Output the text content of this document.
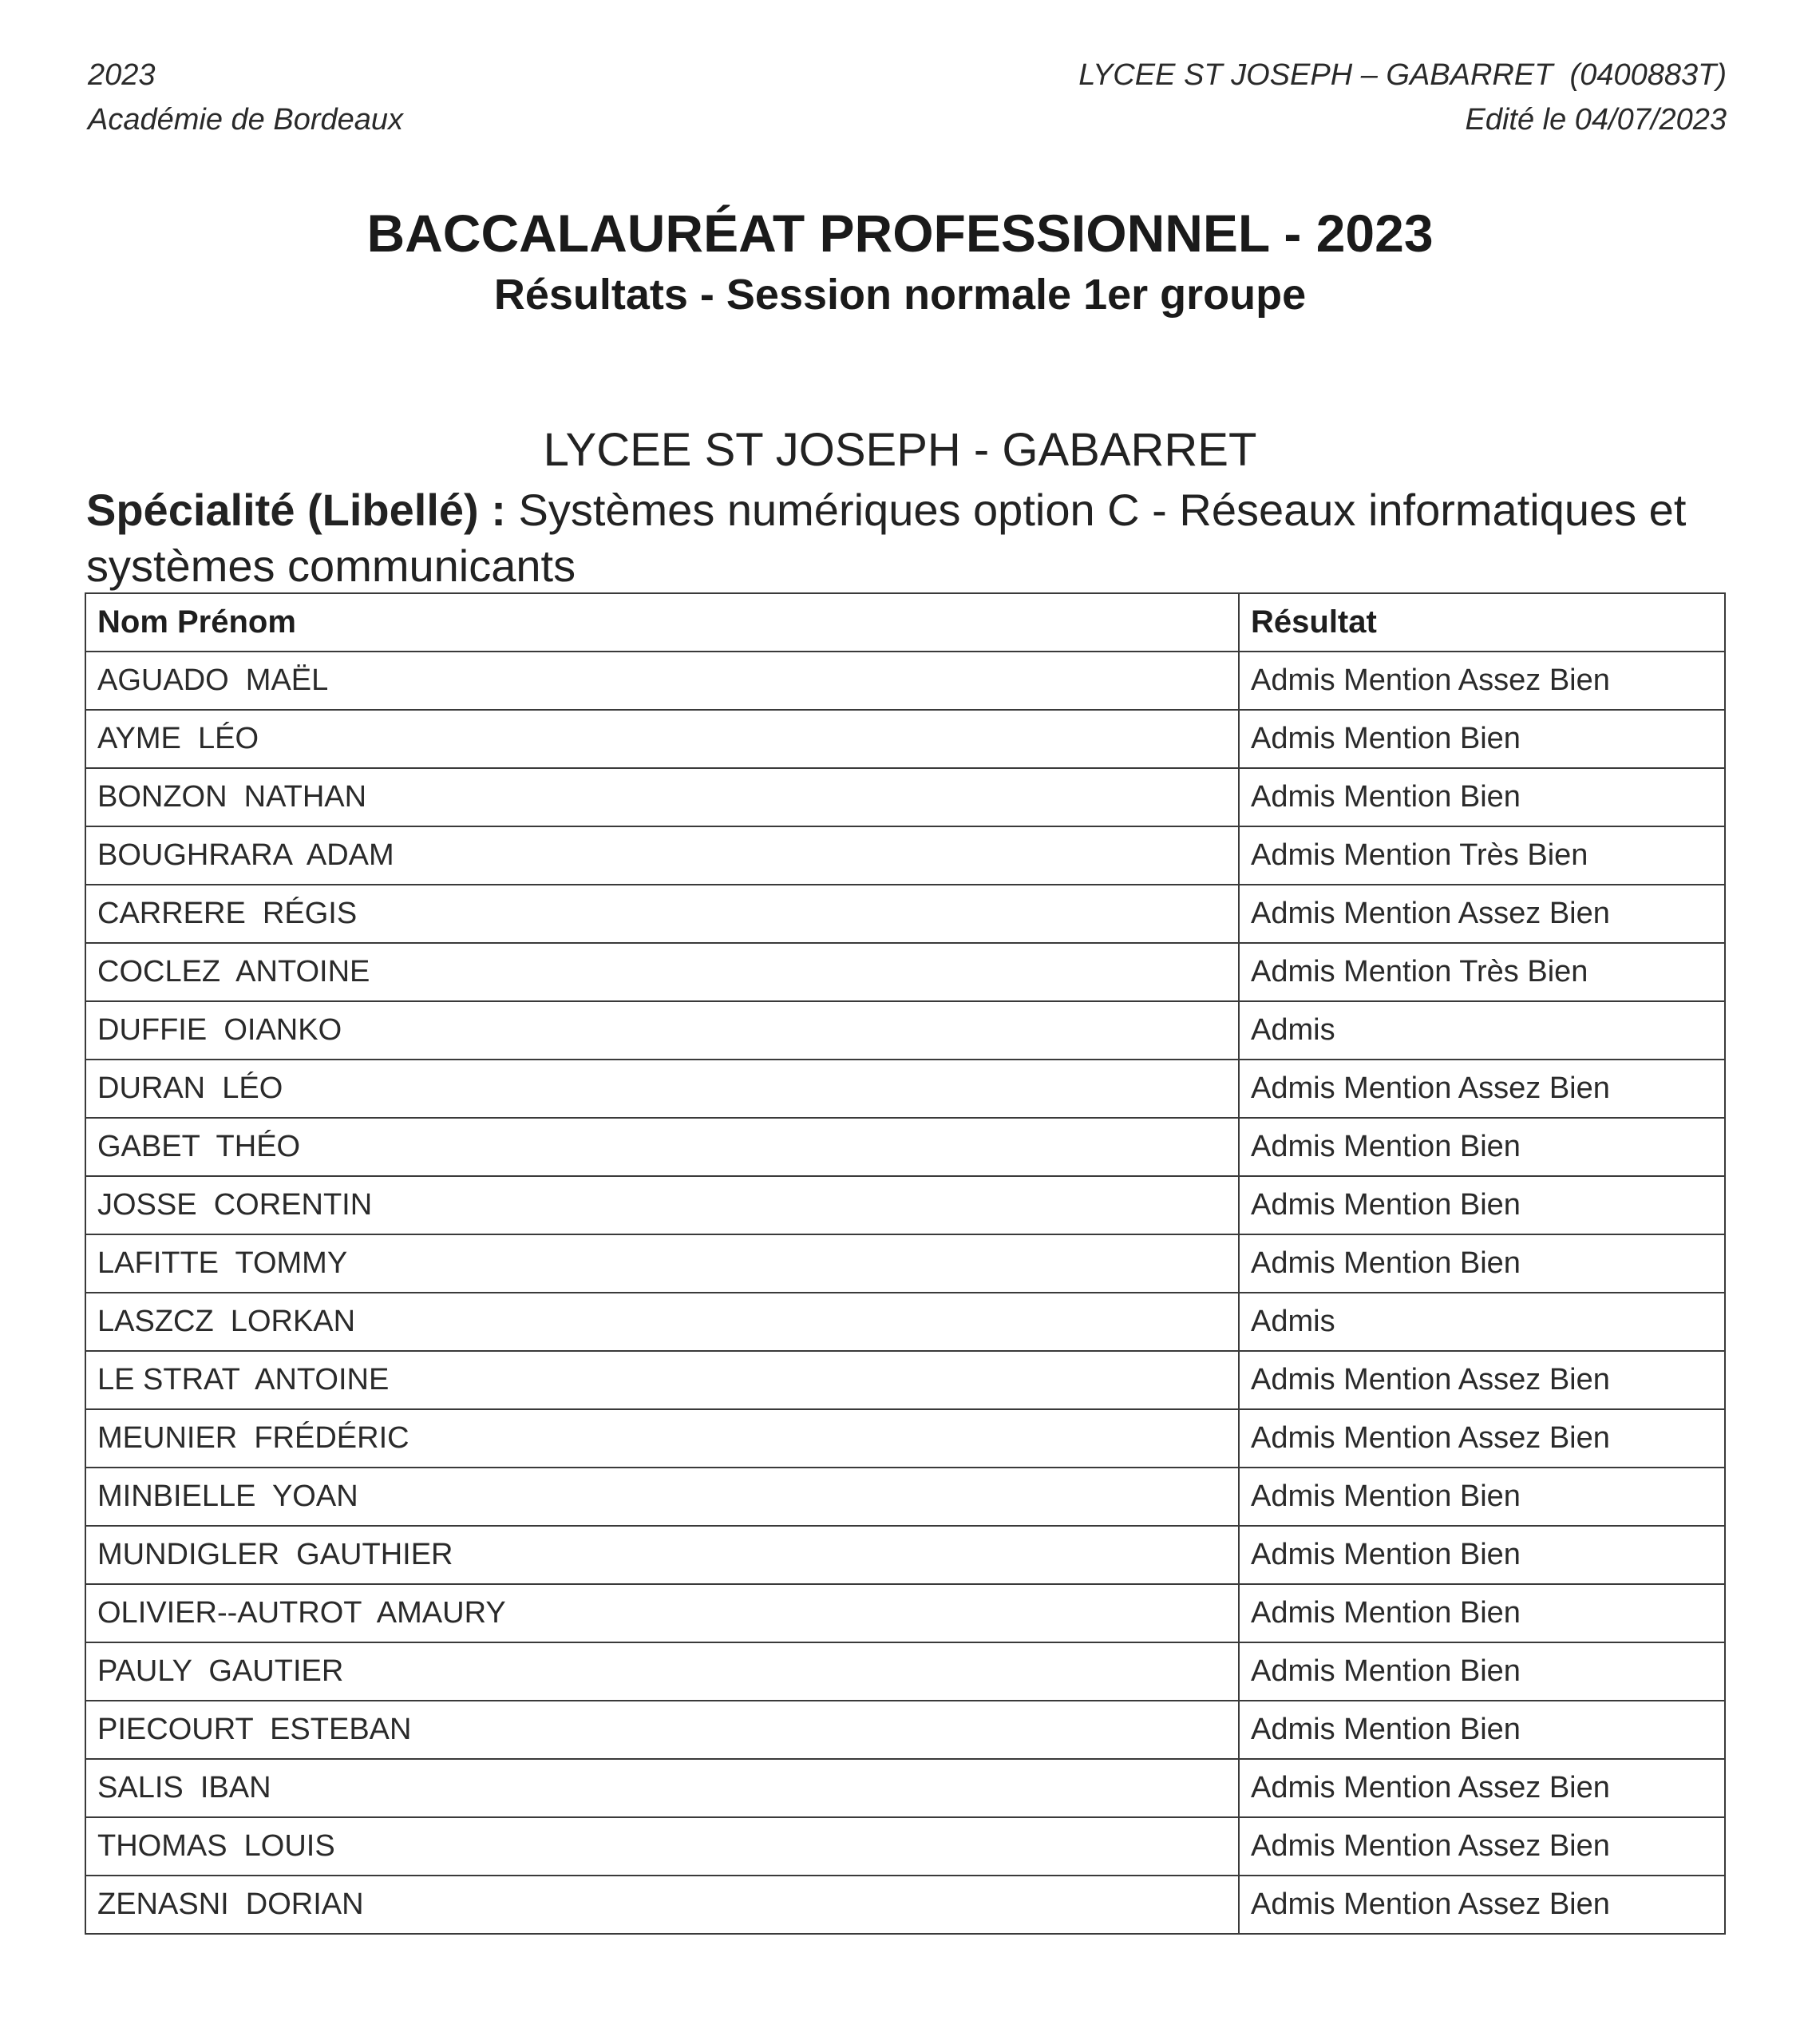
2023
Académie de Bordeaux
LYCEE ST JOSEPH – GABARRET  (0400883T)
Edité le 04/07/2023
BACCALAURÉAT PROFESSIONNEL - 2023
Résultats - Session normale 1er groupe
LYCEE ST JOSEPH - GABARRET
Spécialité (Libellé) : Systèmes numériques option C - Réseaux informatiques et systèmes communicants
Nom Prénom	Résultat
AGUADO  MAËL	Admis Mention Assez Bien
AYME  LÉO	Admis Mention Bien
BONZON  NATHAN	Admis Mention Bien
BOUGHRARA  ADAM	Admis Mention Très Bien
CARRERE  RÉGIS	Admis Mention Assez Bien
COCLEZ  ANTOINE	Admis Mention Très Bien
DUFFIE  OIANKO	Admis
DURAN  LÉO	Admis Mention Assez Bien
GABET  THÉO	Admis Mention Bien
JOSSE  CORENTIN	Admis Mention Bien
LAFITTE  TOMMY	Admis Mention Bien
LASZCZ  LORKAN	Admis
LE STRAT  ANTOINE	Admis Mention Assez Bien
MEUNIER  FRÉDÉRIC	Admis Mention Assez Bien
MINBIELLE  YOAN	Admis Mention Bien
MUNDIGLER  GAUTHIER	Admis Mention Bien
OLIVIER--AUTROT  AMAURY	Admis Mention Bien
PAULY  GAUTIER	Admis Mention Bien
PIECOURT  ESTEBAN	Admis Mention Bien
SALIS  IBAN	Admis Mention Assez Bien
THOMAS  LOUIS	Admis Mention Assez Bien
ZENASNI  DORIAN	Admis Mention Assez Bien
